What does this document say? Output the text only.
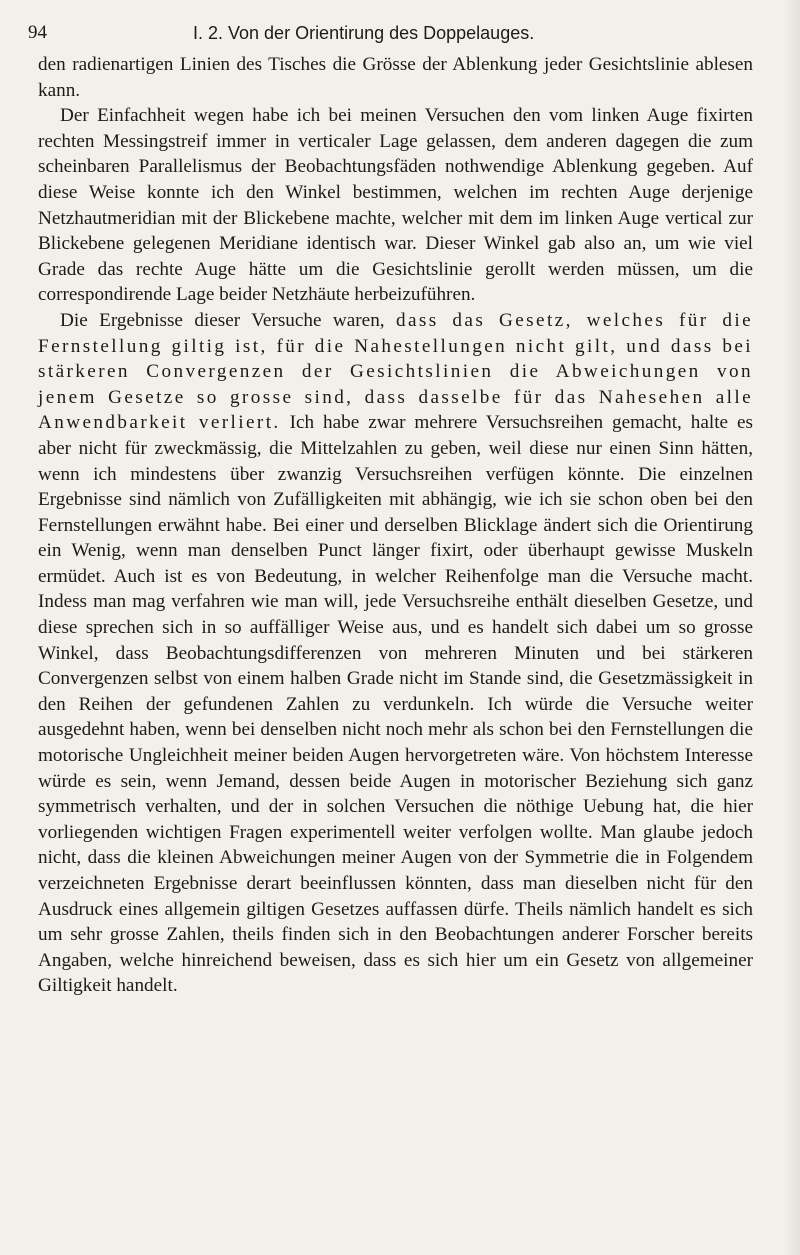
94	I. 2. Von der Orientirung des Doppelauges.

den radienartigen Linien des Tisches die Grösse der Ablenkung jeder Gesichtslinie ablesen kann.

Der Einfachheit wegen habe ich bei meinen Versuchen den vom linken Auge fixirten rechten Messingstreif immer in verticaler Lage gelassen, dem anderen dagegen die zum scheinbaren Parallelismus der Beobachtungsfäden nothwendige Ablenkung gegeben. Auf diese Weise konnte ich den Winkel bestimmen, welchen im rechten Auge derjenige Netzhautmeridian mit der Blickebene machte, welcher mit dem im linken Auge vertical zur Blickebene gelegenen Meridiane identisch war. Dieser Winkel gab also an, um wie viel Grade das rechte Auge hätte um die Gesichtslinie gerollt werden müssen, um die correspondirende Lage beider Netzhäute herbeizuführen.

Die Ergebnisse dieser Versuche waren, dass das Gesetz, welches für die Fernstellung giltig ist, für die Nahestellungen nicht gilt, und dass bei stärkeren Convergenzen der Gesichtslinien die Abweichungen von jenem Gesetze so grosse sind, dass dasselbe für das Nahesehen alle Anwendbarkeit verliert. Ich habe zwar mehrere Versuchsreihen gemacht, halte es aber nicht für zweckmässig, die Mittelzahlen zu geben, weil diese nur einen Sinn hätten, wenn ich mindestens über zwanzig Versuchsreihen verfügen könnte. Die einzelnen Ergebnisse sind nämlich von Zufälligkeiten mit abhängig, wie ich sie schon oben bei den Fernstellungen erwähnt habe. Bei einer und derselben Blicklage ändert sich die Orientirung ein Wenig, wenn man denselben Punct länger fixirt, oder überhaupt gewisse Muskeln ermüdet. Auch ist es von Bedeutung, in welcher Reihenfolge man die Versuche macht. Indess man mag verfahren wie man will, jede Versuchsreihe enthält dieselben Gesetze, und diese sprechen sich in so auffälliger Weise aus, und es handelt sich dabei um so grosse Winkel, dass Beobachtungsdifferenzen von mehreren Minuten und bei stärkeren Convergenzen selbst von einem halben Grade nicht im Stande sind, die Gesetzmässigkeit in den Reihen der gefundenen Zahlen zu verdunkeln. Ich würde die Versuche weiter ausgedehnt haben, wenn bei denselben nicht noch mehr als schon bei den Fernstellungen die motorische Ungleichheit meiner beiden Augen hervorgetreten wäre. Von höchstem Interesse würde es sein, wenn Jemand, dessen beide Augen in motorischer Beziehung sich ganz symmetrisch verhalten, und der in solchen Versuchen die nöthige Uebung hat, die hier vorliegenden wichtigen Fragen experimentell weiter verfolgen wollte. Man glaube jedoch nicht, dass die kleinen Abweichungen meiner Augen von der Symmetrie die in Folgendem verzeichneten Ergebnisse derart beeinflussen könnten, dass man dieselben nicht für den Ausdruck eines allgemein giltigen Gesetzes auffassen dürfe. Theils nämlich handelt es sich um sehr grosse Zahlen, theils finden sich in den Beobachtungen anderer Forscher bereits Angaben, welche hinreichend beweisen, dass es sich hier um ein Gesetz von allgemeiner Giltigkeit handelt.
